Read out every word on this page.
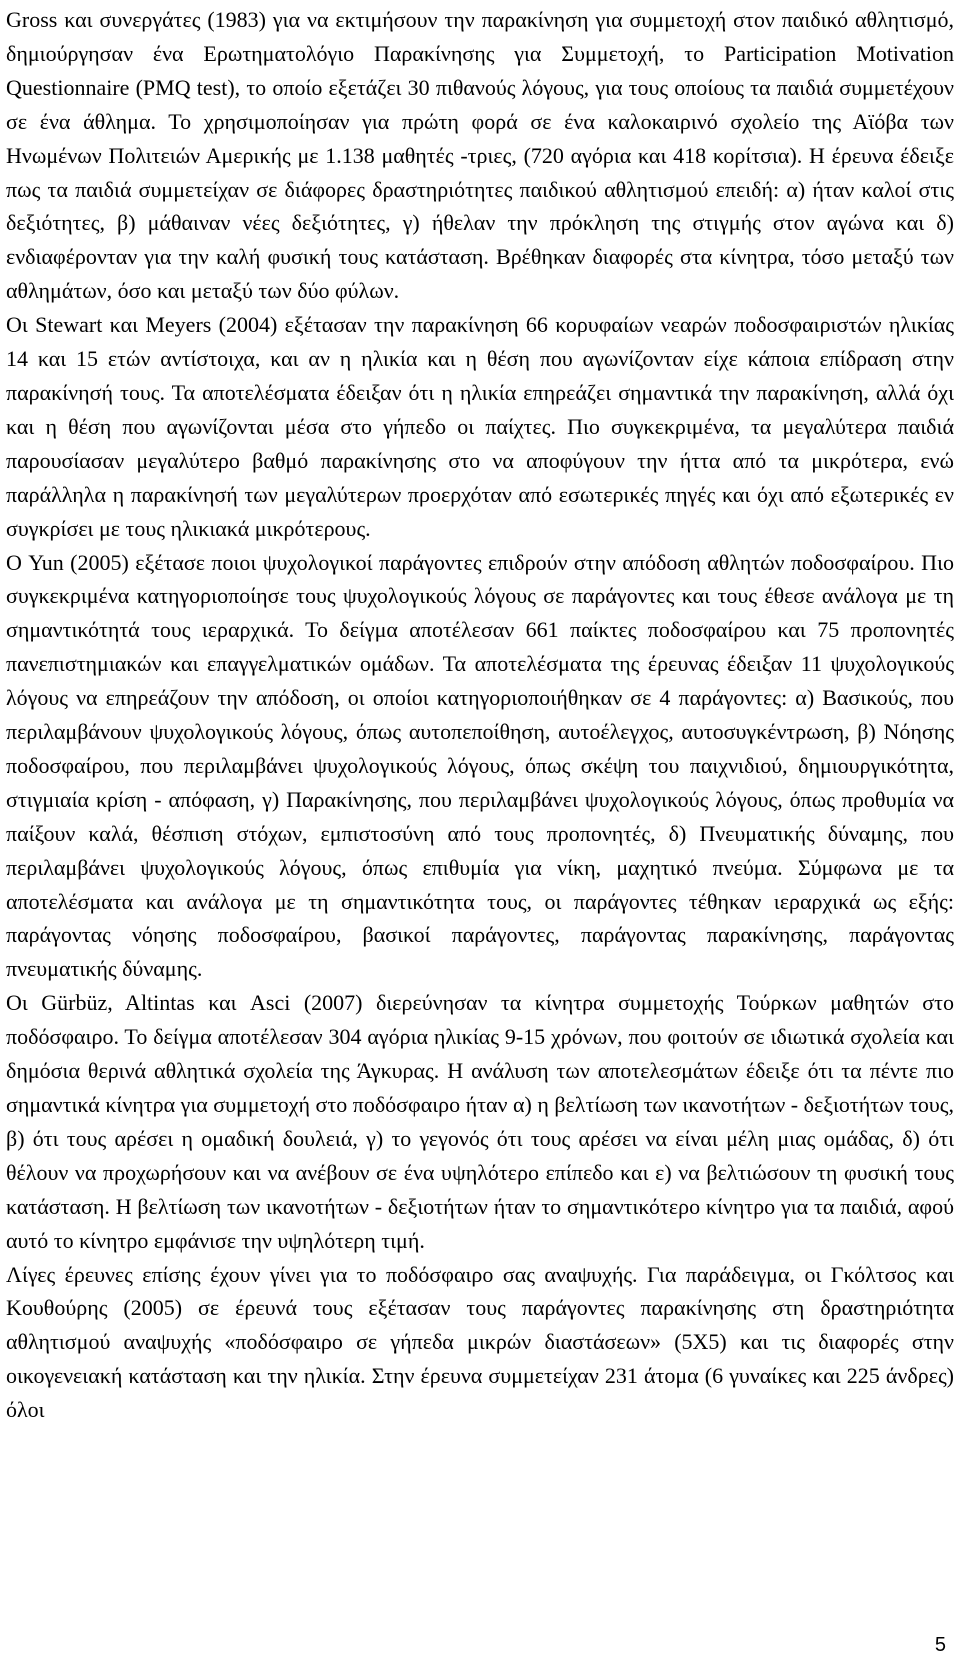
Gross και συνεργάτες (1983) για να εκτιμήσουν την παρακίνηση για συμμετοχή στον παιδικό αθλητισμό, δημιούργησαν ένα Ερωτηματολόγιο Παρακίνησης για Συμμετοχή, το Participation Motivation Questionnaire (PMQ test), το οποίο εξετάζει 30 πιθανούς λόγους, για τους οποίους τα παιδιά συμμετέχουν σε ένα άθλημα. Το χρησιμοποίησαν για πρώτη φορά σε ένα καλοκαιρινό σχολείο της Αϊόβα των Ηνωμένων Πολιτειών Αμερικής με 1.138 μαθητές -τριες, (720 αγόρια και 418 κορίτσια). Η έρευνα έδειξε πως τα παιδιά συμμετείχαν σε διάφορες δραστηριότητες παιδικού αθλητισμού επειδή: α) ήταν καλοί στις δεξιότητες, β) μάθαιναν νέες δεξιότητες, γ) ήθελαν την πρόκληση της στιγμής στον αγώνα και δ) ενδιαφέρονταν για την καλή φυσική τους κατάσταση. Βρέθηκαν διαφορές στα κίνητρα, τόσο μεταξύ των αθλημάτων, όσο και μεταξύ των δύο φύλων.

Οι Stewart και Meyers (2004) εξέτασαν την παρακίνηση 66 κορυφαίων νεαρών ποδοσφαιριστών ηλικίας 14 και 15 ετών αντίστοιχα, και αν η ηλικία και η θέση που αγωνίζονταν είχε κάποια επίδραση στην παρακίνησή τους. Τα αποτελέσματα έδειξαν ότι η ηλικία επηρεάζει σημαντικά την παρακίνηση, αλλά όχι και η θέση που αγωνίζονται μέσα στο γήπεδο οι παίχτες. Πιο συγκεκριμένα, τα μεγαλύτερα παιδιά παρουσίασαν μεγαλύτερο βαθμό παρακίνησης στο να αποφύγουν την ήττα από τα μικρότερα, ενώ παράλληλα η παρακίνησή των μεγαλύτερων προερχόταν από εσωτερικές πηγές και όχι από εξωτερικές εν συγκρίσει με τους ηλικιακά μικρότερους.

Ο Yun (2005) εξέτασε ποιοι ψυχολογικοί παράγοντες επιδρούν στην απόδοση αθλητών ποδοσφαίρου. Πιο συγκεκριμένα κατηγοριοποίησε τους ψυχολογικούς λόγους σε παράγοντες και τους έθεσε ανάλογα με τη σημαντικότητά τους ιεραρχικά. Το δείγμα αποτέλεσαν 661 παίκτες ποδοσφαίρου και 75 προπονητές πανεπιστημιακών και επαγγελματικών ομάδων. Τα αποτελέσματα της έρευνας έδειξαν 11 ψυχολογικούς λόγους να επηρεάζουν την απόδοση, οι οποίοι κατηγοριοποιήθηκαν σε 4 παράγοντες: α) Βασικούς, που περιλαμβάνουν ψυχολογικούς λόγους, όπως αυτοπεποίθηση, αυτοέλεγχος, αυτοσυγκέντρωση, β) Νόησης ποδοσφαίρου, που περιλαμβάνει ψυχολογικούς λόγους, όπως σκέψη του παιχνιδιού, δημιουργικότητα, στιγμιαία κρίση - απόφαση, γ) Παρακίνησης, που περιλαμβάνει ψυχολογικούς λόγους, όπως προθυμία να παίξουν καλά, θέσπιση στόχων, εμπιστοσύνη από τους προπονητές, δ) Πνευματικής δύναμης, που περιλαμβάνει ψυχολογικούς λόγους, όπως επιθυμία για νίκη, μαχητικό πνεύμα. Σύμφωνα με τα αποτελέσματα και ανάλογα με τη σημαντικότητα τους, οι παράγοντες τέθηκαν ιεραρχικά ως εξής: παράγοντας νόησης ποδοσφαίρου, βασικοί παράγοντες, παράγοντας παρακίνησης, παράγοντας πνευματικής δύναμης.

Οι Gürbüz, Altintas και Asci (2007) διερεύνησαν τα κίνητρα συμμετοχής Τούρκων μαθητών στο ποδόσφαιρο. Το δείγμα αποτέλεσαν 304 αγόρια ηλικίας 9-15 χρόνων, που φοιτούν σε ιδιωτικά σχολεία και δημόσια θερινά αθλητικά σχολεία της Άγκυρας. Η ανάλυση των αποτελεσμάτων έδειξε ότι τα πέντε πιο σημαντικά κίνητρα για συμμετοχή στο ποδόσφαιρο ήταν α) η βελτίωση των ικανοτήτων - δεξιοτήτων τους, β) ότι τους αρέσει η ομαδική δουλειά, γ) το γεγονός ότι τους αρέσει να είναι μέλη μιας ομάδας, δ) ότι θέλουν να προχωρήσουν και να ανέβουν σε ένα υψηλότερο επίπεδο και ε) να βελτιώσουν τη φυσική τους κατάσταση. Η βελτίωση των ικανοτήτων - δεξιοτήτων ήταν το σημαντικότερο κίνητρο για τα παιδιά, αφού αυτό το κίνητρο εμφάνισε την υψηλότερη τιμή.

Λίγες έρευνες επίσης έχουν γίνει για το ποδόσφαιρο σας αναψυχής. Για παράδειγμα, οι Γκόλτσος και Κουθούρης (2005) σε έρευνά τους εξέτασαν τους παράγοντες παρακίνησης στη δραστηριότητα αθλητισμού αναψυχής «ποδόσφαιρο σε γήπεδα μικρών διαστάσεων» (5Χ5) και τις διαφορές στην οικογενειακή κατάσταση και την ηλικία. Στην έρευνα συμμετείχαν 231 άτομα (6 γυναίκες και 225 άνδρες) όλοι

5
